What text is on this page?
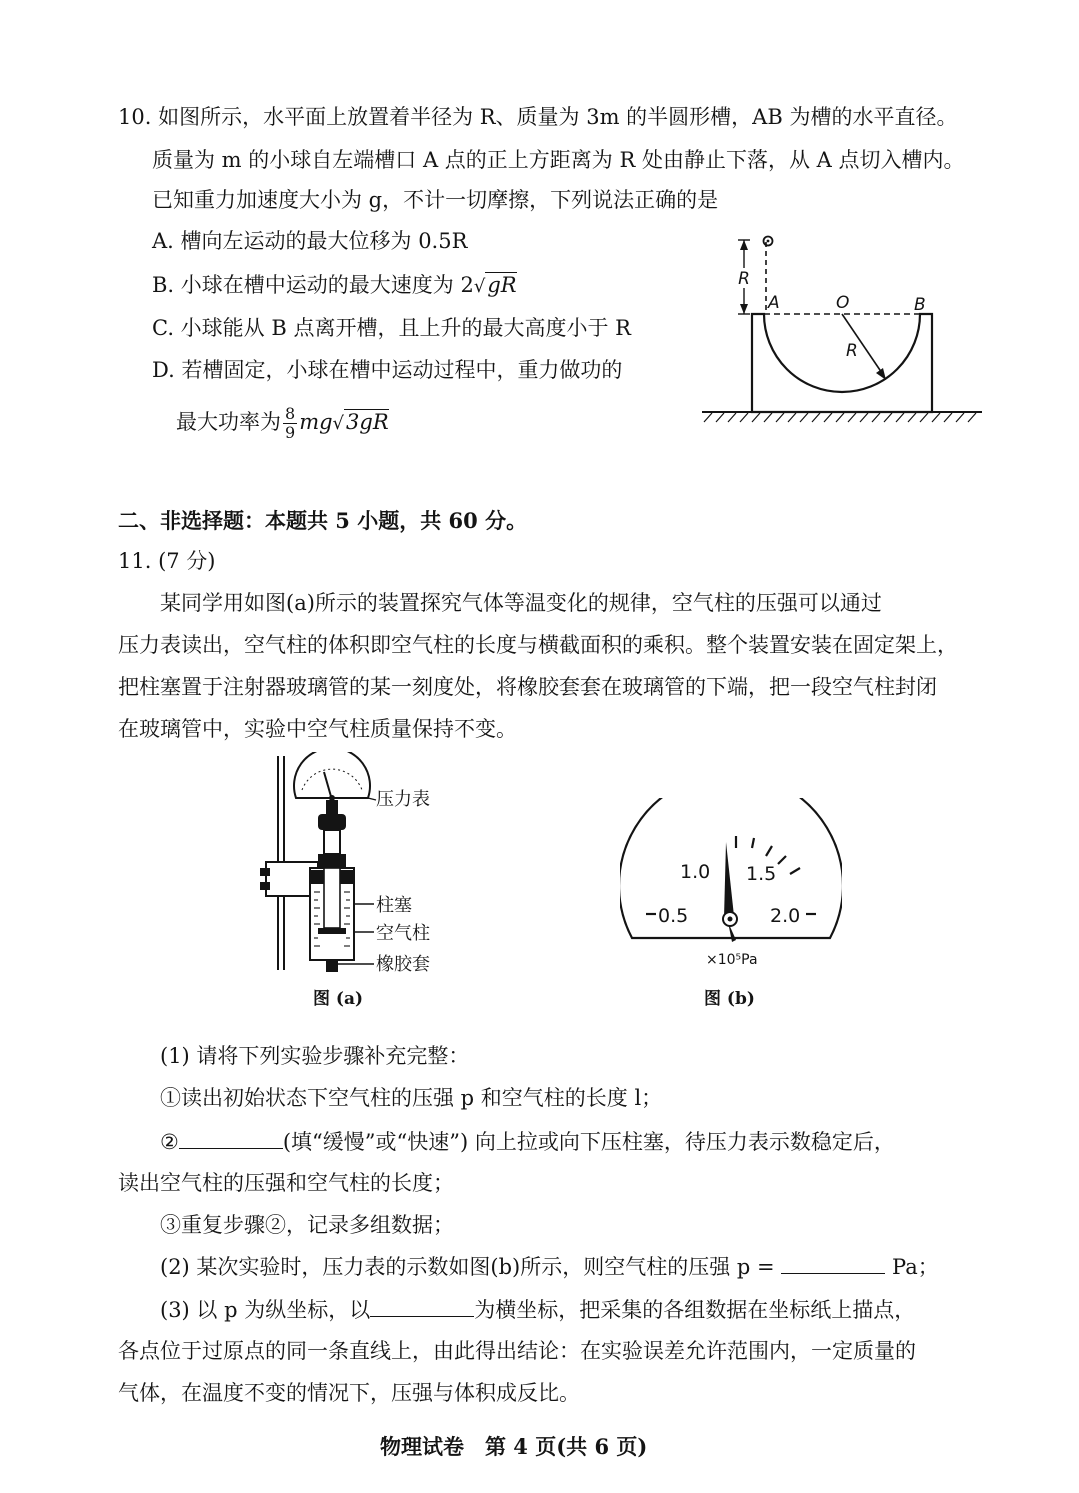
10. 如图所示，水平面上放置着半径为 R、质量为 3m 的半圆形槽，AB 为槽的水平直径。
质量为 m 的小球自左端槽口 A 点的正上方距离为 R 处由静止下落，从 A 点切入槽内。
已知重力加速度大小为 g，不计一切摩擦，下列说法正确的是
A. 槽向左运动的最大位移为 0.5R
B. 小球在槽中运动的最大速度为 2√gR
C. 小球能从 B 点离开槽，且上升的最大高度小于 R
D. 若槽固定，小球在槽中运动过程中，重力做功的
最大功率为 $\frac{8}{9} mg√3gR$
R
A	O	B
R
二、非选择题：本题共 5 小题，共 60 分。
11. (7 分)
某同学用如图(a)所示的装置探究气体等温变化的规律，空气柱的压强可以通过
压力表读出，空气柱的体积即空气柱的长度与横截面积的乘积。整个装置安装在固定架上，
把柱塞置于注射器玻璃管的某一刻度处，将橡胶套套在玻璃管的下端，把一段空气柱封闭
在玻璃管中，实验中空气柱质量保持不变。
压力表
柱塞
空气柱
橡胶套
图 (a)
1.0 1.5
0.5	2.0
×10⁵Pa
图 (b)
(1) 请将下列实验步骤补充完整：
①读出初始状态下空气柱的压强 p 和空气柱的长度 l；
②	(填“缓慢”或“快速”) 向上拉或向下压柱塞，待压力表示数稳定后，
读出空气柱的压强和空气柱的长度；
③重复步骤②，记录多组数据；
(2) 某次实验时，压力表的示数如图(b)所示，则空气柱的压强 p =	Pa；
(3) 以 p 为纵坐标，以	为横坐标，把采集的各组数据在坐标纸上描点，
各点位于过原点的同一条直线上，由此得出结论：在实验误差允许范围内，一定质量的
气体，在温度不变的情况下，压强与体积成反比。
物理试卷　第 4 页(共 6 页)
